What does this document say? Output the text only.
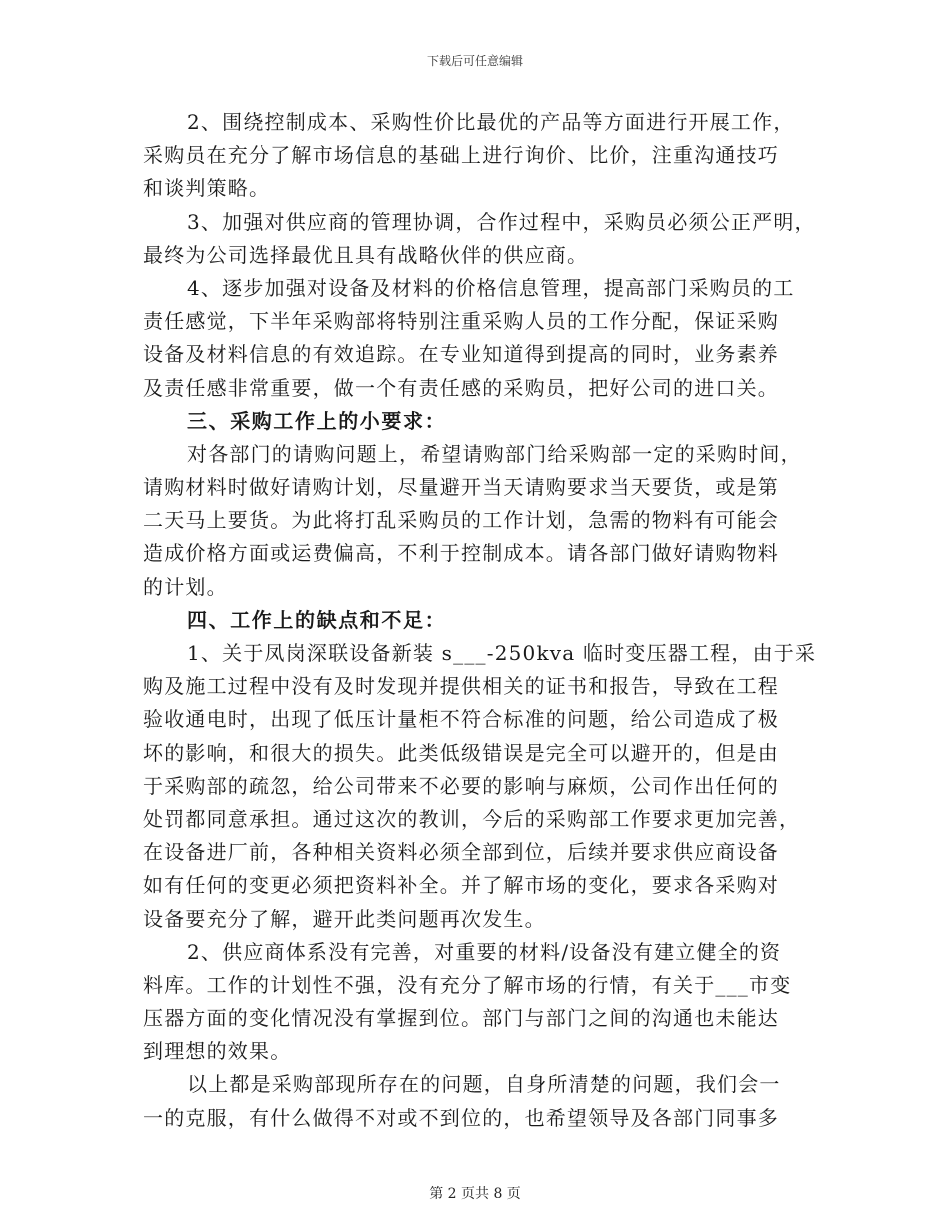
下载后可任意编辑
2、围绕控制成本、采购性价比最优的产品等方面进行开展工作，
采购员在充分了解市场信息的基础上进行询价、比价，注重沟通技巧
和谈判策略。
3、加强对供应商的管理协调，合作过程中，采购员必须公正严明，
最终为公司选择最优且具有战略伙伴的供应商。
4、逐步加强对设备及材料的价格信息管理，提高部门采购员的工
责任感觉，下半年采购部将特别注重采购人员的工作分配，保证采购
设备及材料信息的有效追踪。在专业知道得到提高的同时，业务素养
及责任感非常重要，做一个有责任感的采购员，把好公司的进口关。
三、采购工作上的小要求：
对各部门的请购问题上，希望请购部门给采购部一定的采购时间，
请购材料时做好请购计划，尽量避开当天请购要求当天要货，或是第
二天马上要货。为此将打乱采购员的工作计划，急需的物料有可能会
造成价格方面或运费偏高，不利于控制成本。请各部门做好请购物料
的计划。
四、工作上的缺点和不足：
1、关于凤岗深联设备新装 s___-250kva 临时变压器工程，由于采
购及施工过程中没有及时发现并提供相关的证书和报告，导致在工程
验收通电时，出现了低压计量柜不符合标准的问题，给公司造成了极
坏的影响，和很大的损失。此类低级错误是完全可以避开的，但是由
于采购部的疏忽，给公司带来不必要的影响与麻烦，公司作出任何的
处罚都同意承担。通过这次的教训，今后的采购部工作要求更加完善，
在设备进厂前，各种相关资料必须全部到位，后续并要求供应商设备
如有任何的变更必须把资料补全。并了解市场的变化，要求各采购对
设备要充分了解，避开此类问题再次发生。
2、供应商体系没有完善，对重要的材料/设备没有建立健全的资
料库。工作的计划性不强，没有充分了解市场的行情，有关于___市变
压器方面的变化情况没有掌握到位。部门与部门之间的沟通也未能达
到理想的效果。
以上都是采购部现所存在的问题，自身所清楚的问题，我们会一
一的克服，有什么做得不对或不到位的，也希望领导及各部门同事多
第 2 页共 8 页
